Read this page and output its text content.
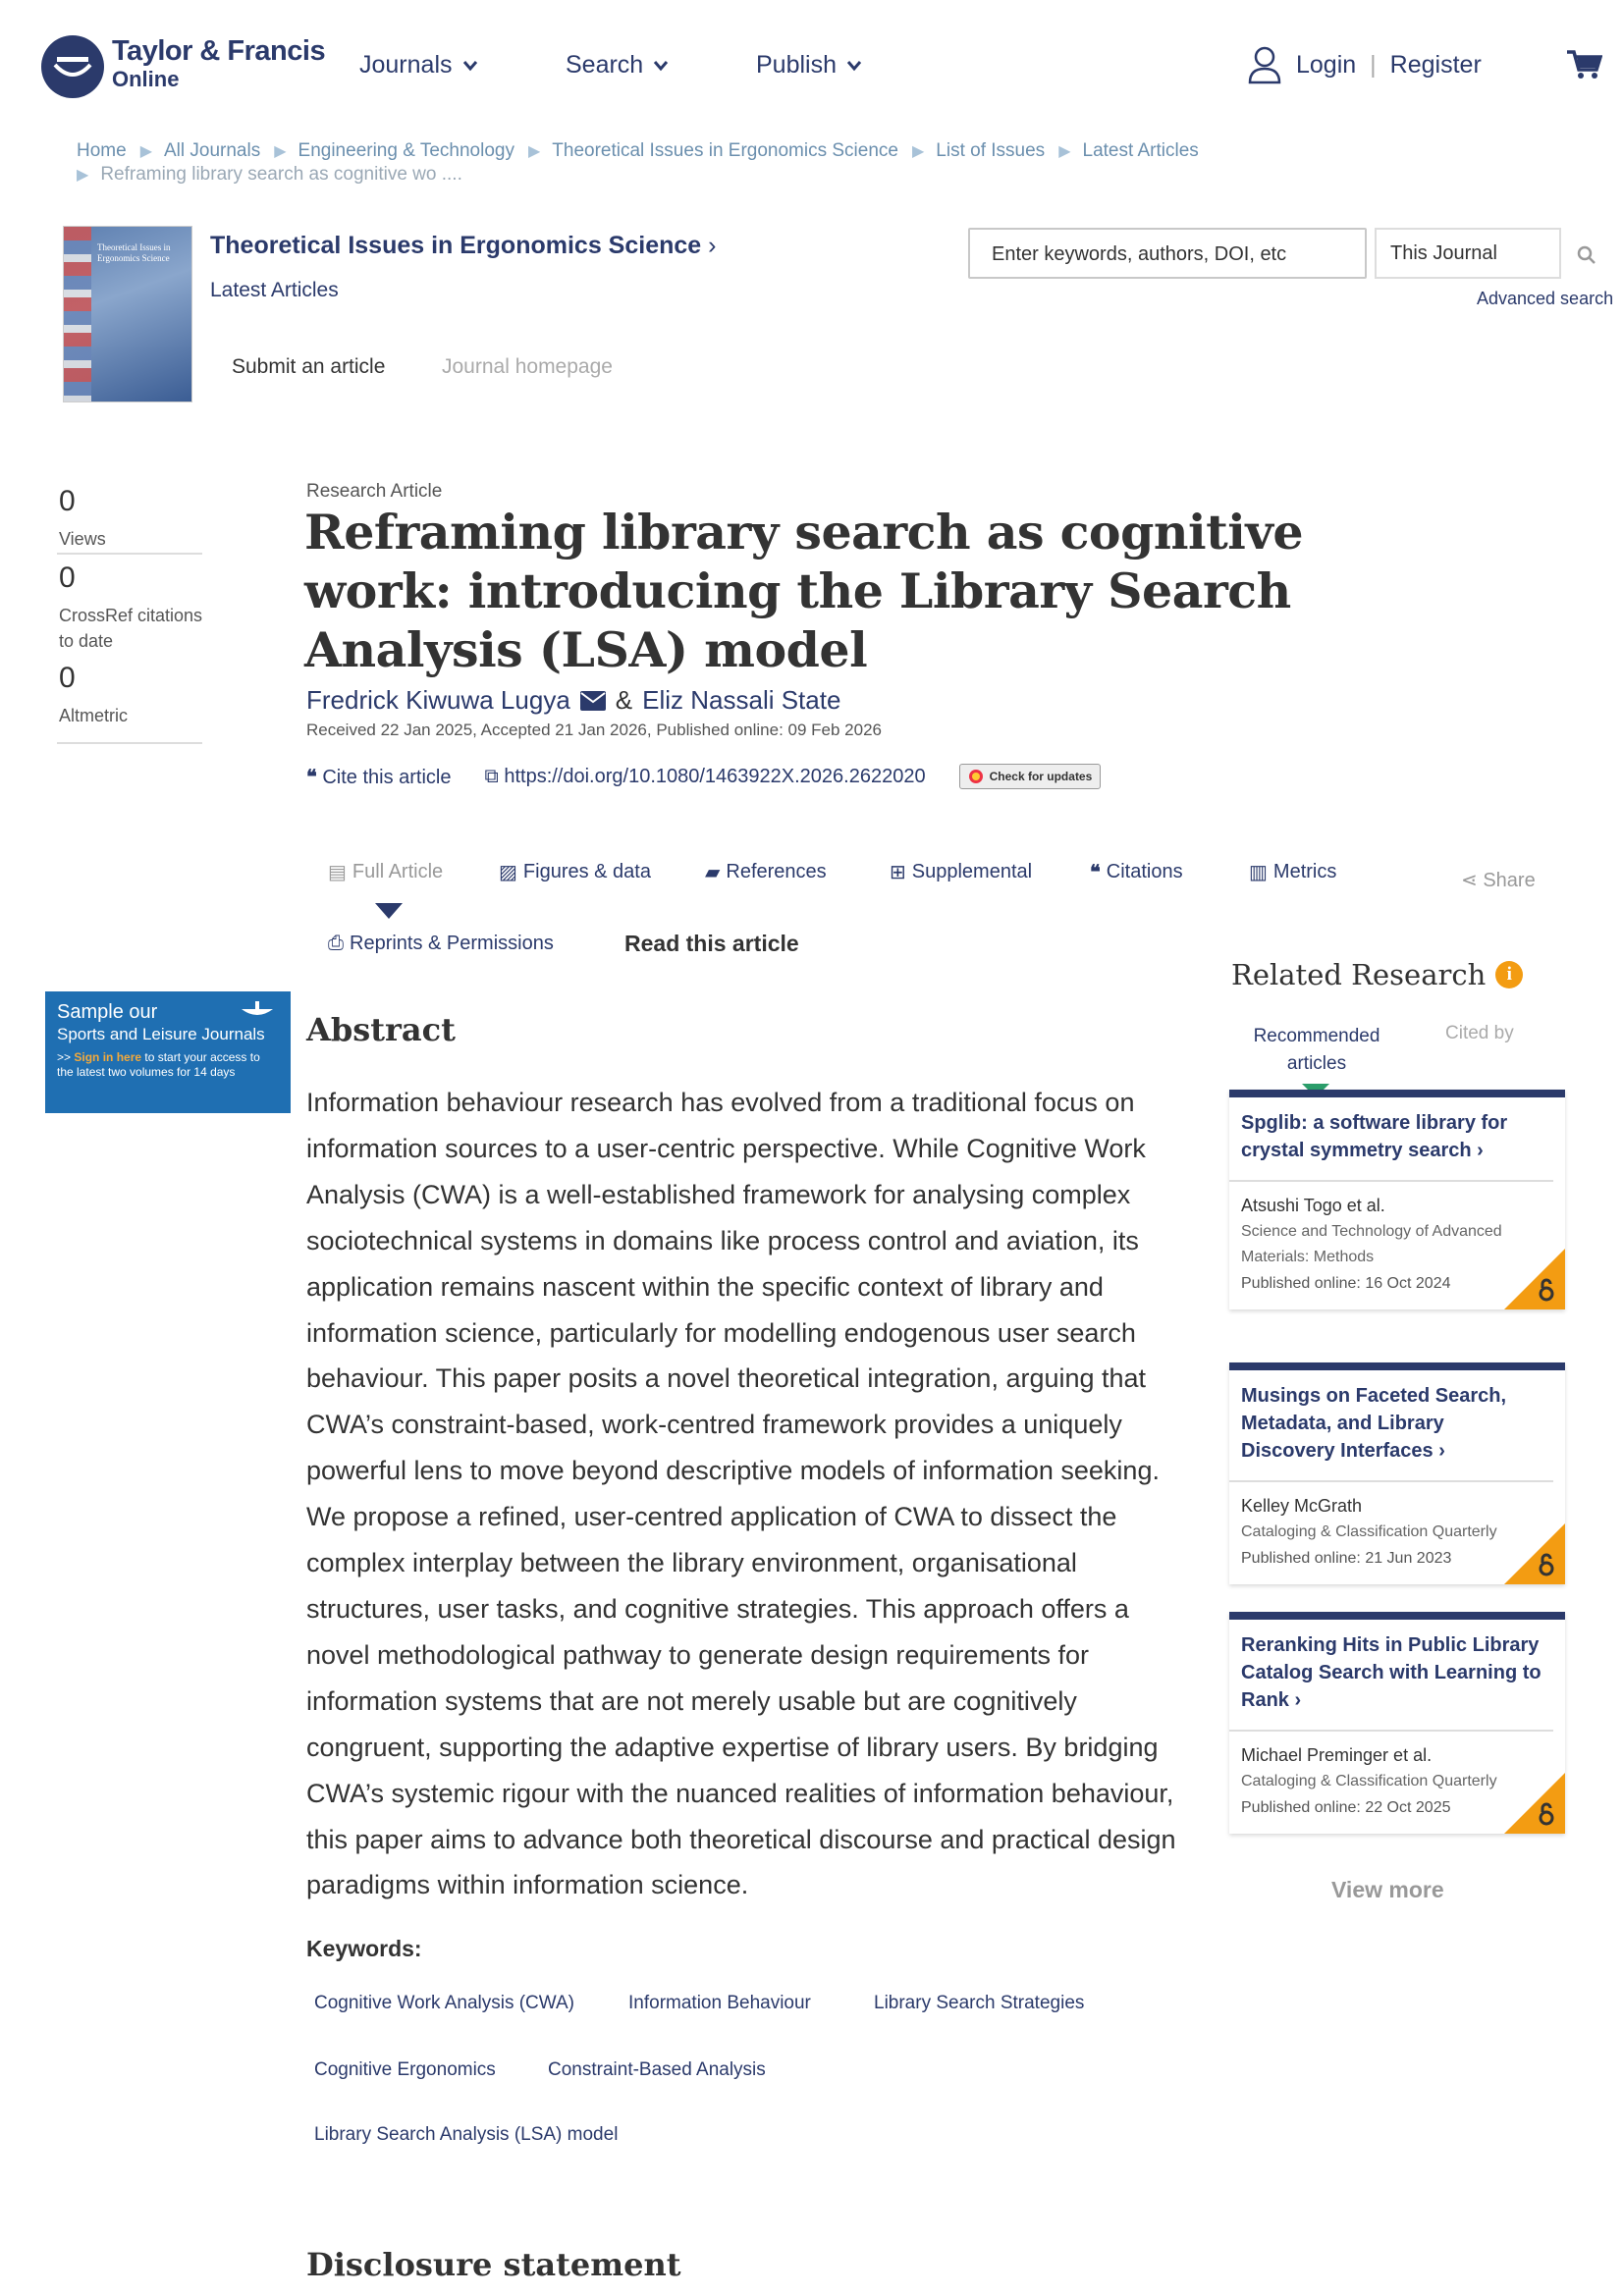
Taylor & Francis
Online
Journals	Search	Publish	Login | Register
Home ▶ All Journals ▶ Engineering & Technology ▶ Theoretical Issues in Ergonomics Science ▶ List of Issues ▶ Latest Articles
▶ Reframing library search as cognitive wo ....
Theoretical Issues in Ergonomics Science	Theoretical Issues in Ergonomics Science ›
Latest Articles
Submit an article	Journal homepage
Enter keywords, authors, DOI, etc	This Journal
Advanced search
0
Views
0
CrossRef citations to date
0
Altmetric
Research Article
Reframing library search as cognitive work: introducing the Library Search Analysis (LSA) model
Fredrick Kiwuwa Lugya & Eliz Nassali State
Received 22 Jan 2025, Accepted 21 Jan 2026, Published online: 09 Feb 2026
❝ Cite this article ⧉ https://doi.org/10.1080/1463922X.2026.2622020	Check for updates
▤ Full Article	▨ Figures & data	▰ References	⊞ Supplemental	❝ Citations	▥ Metrics	⋖ Share
⎙ Reprints & Permissions	Read this article
Sample our
Sports and Leisure Journals
>> Sign in here to start your access to the latest two volumes for 14 days
Abstract
Information behaviour research has evolved from a traditional focus on information sources to a user-centric perspective. While Cognitive Work Analysis (CWA) is a well-established framework for analysing complex sociotechnical systems in domains like process control and aviation, its application remains nascent within the specific context of library and information science, particularly for modelling endogenous user search behaviour. This paper posits a novel theoretical integration, arguing that CWA’s constraint-based, work-centred framework provides a uniquely powerful lens to move beyond descriptive models of information seeking. We propose a refined, user-centred application of CWA to dissect the complex interplay between the library environment, organisational structures, user tasks, and cognitive strategies. This approach offers a novel methodological pathway to generate design requirements for information systems that are not merely usable but are cognitively congruent, supporting the adaptive expertise of library users. By bridging CWA’s systemic rigour with the nuanced realities of information behaviour, this paper aims to advance both theoretical discourse and practical design paradigms within information science.
Keywords:
Cognitive Work Analysis (CWA)	Information Behaviour	Library Search Strategies
Cognitive Ergonomics	Constraint-Based Analysis
Library Search Analysis (LSA) model
Disclosure statement
Related Research	i
Recommended articles
Cited by
Spglib: a software library for crystal symmetry search ›
Atsushi Togo et al.
Science and Technology of Advanced Materials: Methods
Published online: 16 Oct 2024
Musings on Faceted Search, Metadata, and Library Discovery Interfaces ›
Kelley McGrath
Cataloging & Classification Quarterly
Published online: 21 Jun 2023
Reranking Hits in Public Library Catalog Search with Learning to Rank ›
Michael Preminger et al.
Cataloging & Classification Quarterly
Published online: 22 Oct 2025
View more
